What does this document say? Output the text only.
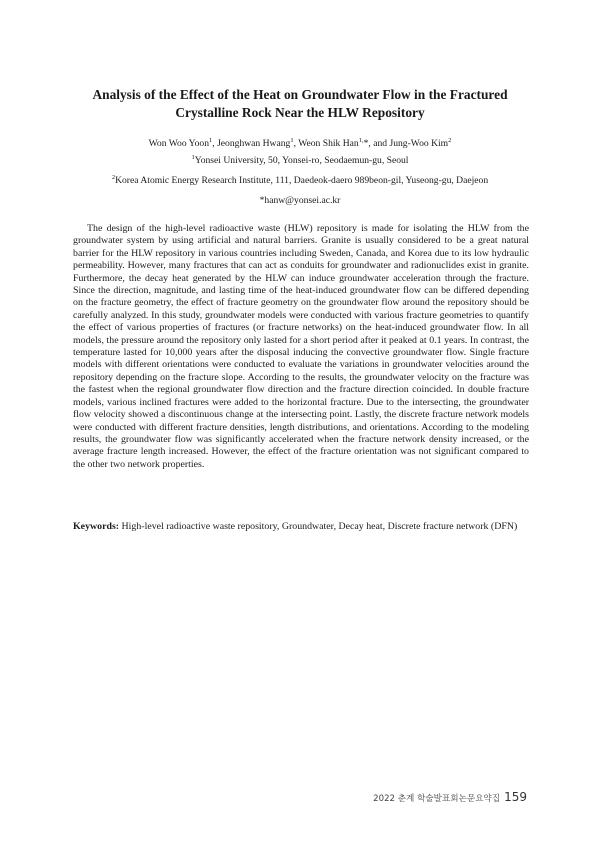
Analysis of the Effect of the Heat on Groundwater Flow in the Fractured
Crystalline Rock Near the HLW Repository

Won Woo Yoon$^1$, Jeonghwan Hwang$^1$, Weon Shik Han$^{1,}$*, and Jung-Woo Kim$^2$

$^1$Yonsei University, 50, Yonsei-ro, Seodaemun-gu, Seoul

$^2$Korea Atomic Energy Research Institute, 111, Daedeok-daero 989beon-gil, Yuseong-gu, Daejeon

*hanw@yonsei.ac.kr

The design of the high-level radioactive waste (HLW) repository is made for isolating the HLW from the groundwater system by using artificial and natural barriers. Granite is usually considered to be a great natural barrier for the HLW repository in various countries including Sweden, Canada, and Korea due to its low hydraulic permeability. However, many fractures that can act as conduits for groundwater and radionuclides exist in granite. Furthermore, the decay heat generated by the HLW can induce groundwater acceleration through the fracture. Since the direction, magnitude, and lasting time of the heat-induced groundwater flow can be differed depending on the fracture geometry, the effect of fracture geometry on the groundwater flow around the repository should be carefully analyzed. In this study, groundwater models were conducted with various fracture geometries to quantify the effect of various properties of fractures (or fracture networks) on the heat-induced groundwater flow. In all models, the pressure around the repository only lasted for a short period after it peaked at 0.1 years. In contrast, the temperature lasted for 10,000 years after the disposal inducing the convective groundwater flow. Single fracture models with different orientations were conducted to evaluate the variations in groundwater velocities around the repository depending on the fracture slope. According to the results, the groundwater velocity on the fracture was the fastest when the regional groundwater flow direction and the fracture direction coincided. In double fracture models, various inclined fractures were added to the horizontal fracture. Due to the intersecting, the groundwater flow velocity showed a discontinuous change at the intersecting point. Lastly, the discrete fracture network models were conducted with different fracture densities, length distributions, and orientations. According to the modeling results, the groundwater flow was significantly accelerated when the fracture network density increased, or the average fracture length increased. However, the effect of the fracture orientation was not significant compared to the other two network properties.

Keywords: High-level radioactive waste repository, Groundwater, Decay heat, Discrete fracture network (DFN)

2022 춘계 학술발표회논문요약집 159
